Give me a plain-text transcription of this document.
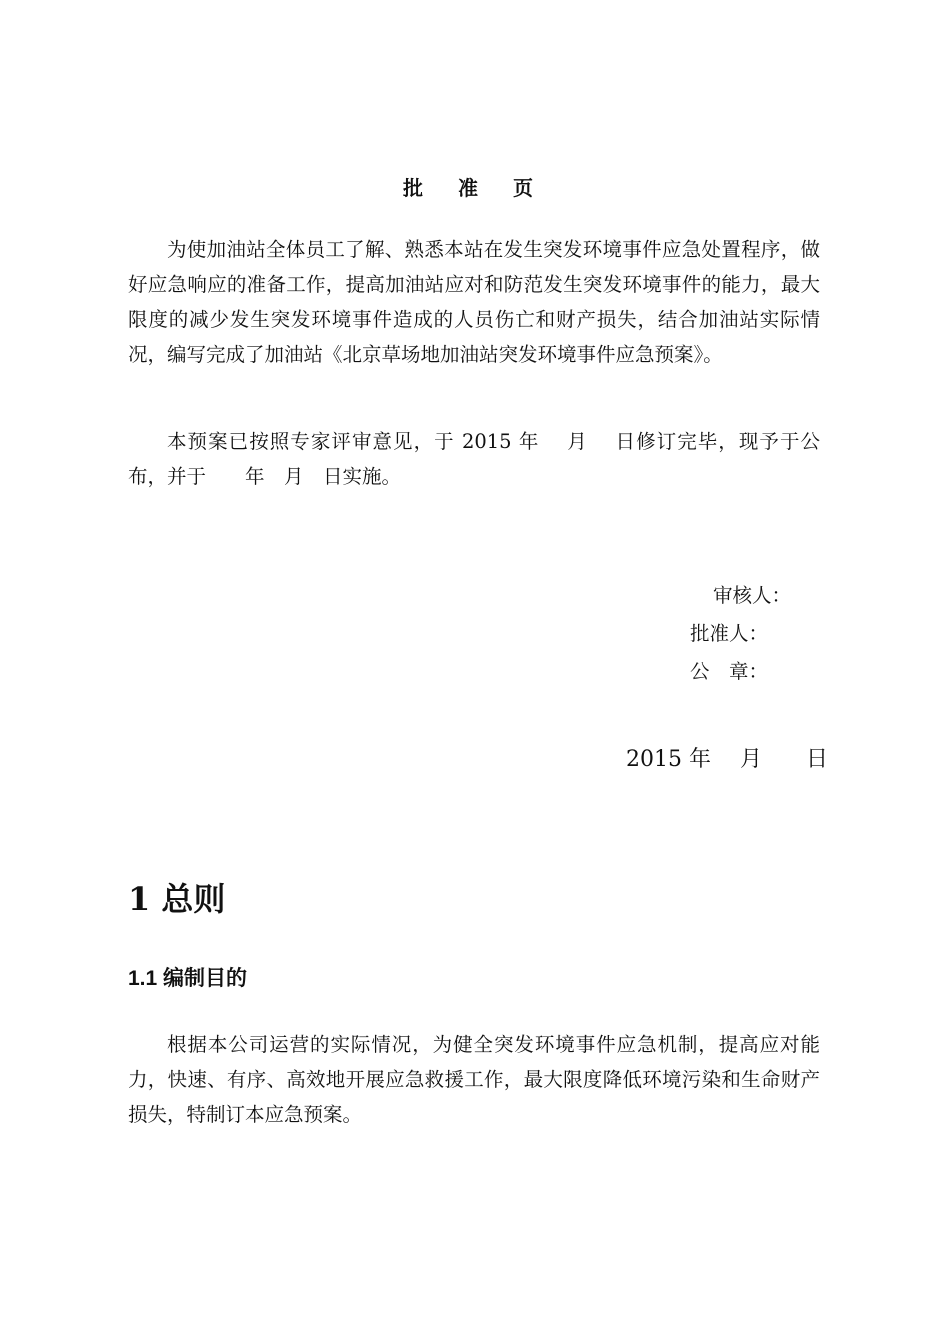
批 准 页

为使加油站全体员工了解、熟悉本站在发生突发环境事件应急处置程序，做好应急响应的准备工作，提高加油站应对和防范发生突发环境事件的能力，最大限度的减少发生突发环境事件造成的人员伤亡和财产损失，结合加油站实际情况，编写完成了加油站《北京草场地加油站突发环境事件应急预案》。

本预案已按照专家评审意见，于 2015 年　 月　 日修订完毕，现予于公布，并于　　年　月　日实施。

审核人：
批准人：
公　章：
2015 年　 月　　日
1 总则
1.1 编制目的

根据本公司运营的实际情况，为健全突发环境事件应急机制，提高应对能力，快速、有序、高效地开展应急救援工作，最大限度降低环境污染和生命财产损失，特制订本应急预案。
